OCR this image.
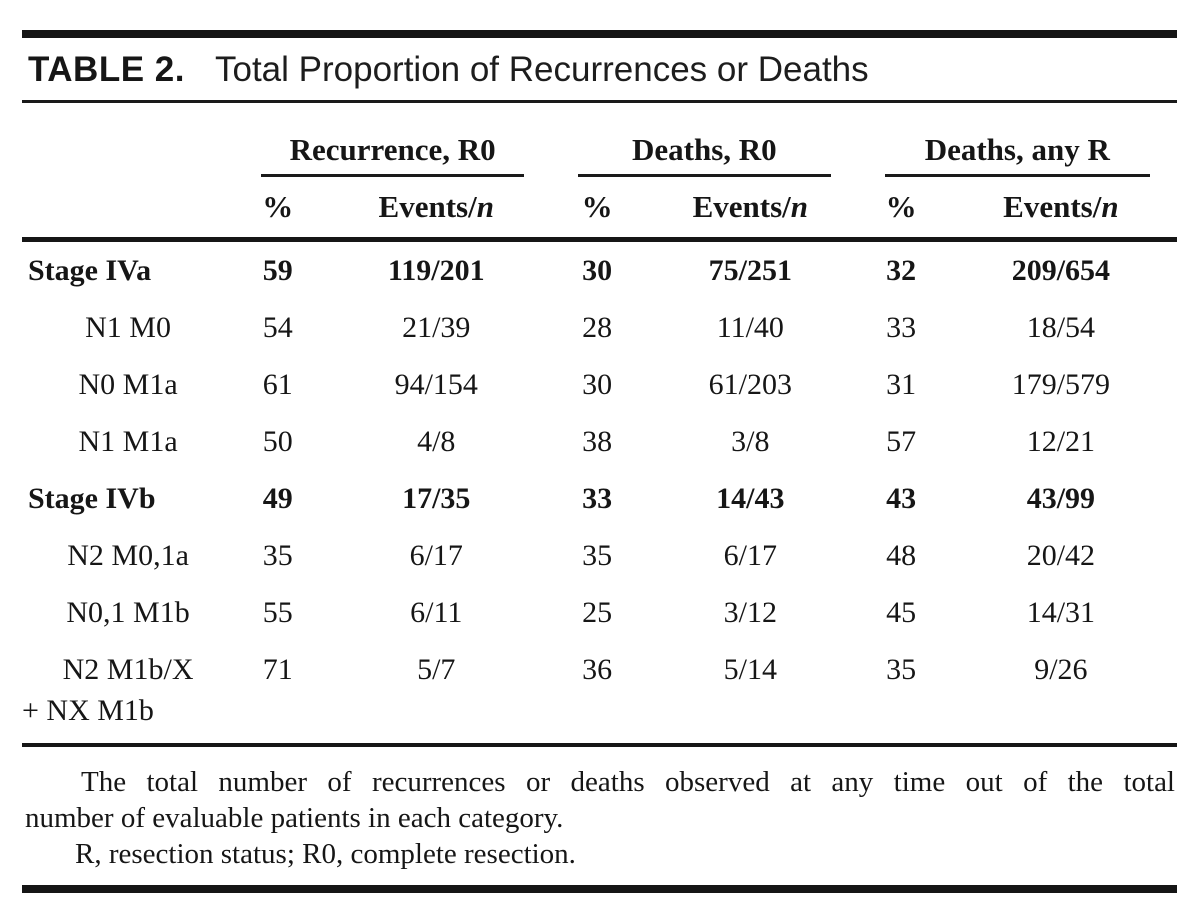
TABLE 2. Total Proportion of Recurrences or Deaths

	Recurrence, R0		Deaths, R0		Deaths, any R	

	%	Events/n	%	Events/n	%	Events/n
Stage IVa	59	119/201	30	75/251	32	209/654
N1 M0	54	21/39	28	11/40	33	18/54
N0 M1a	61	94/154	30	61/203	31	179/579
N1 M1a	50	4/8	38	3/8	57	12/21
Stage IVb	49	17/35	33	14/43	43	43/99
N2 M0,1a	35	6/17	35	6/17	48	20/42
N0,1 M1b	55	6/11	25	3/12	45	14/31

N2 M1b/X
+ NX M1b	71	5/7	36	5/14	35	9/26
The total number of recurrences or deaths observed at any time out of the total
number of evaluable patients in each category.
R, resection status; R0, complete resection.
